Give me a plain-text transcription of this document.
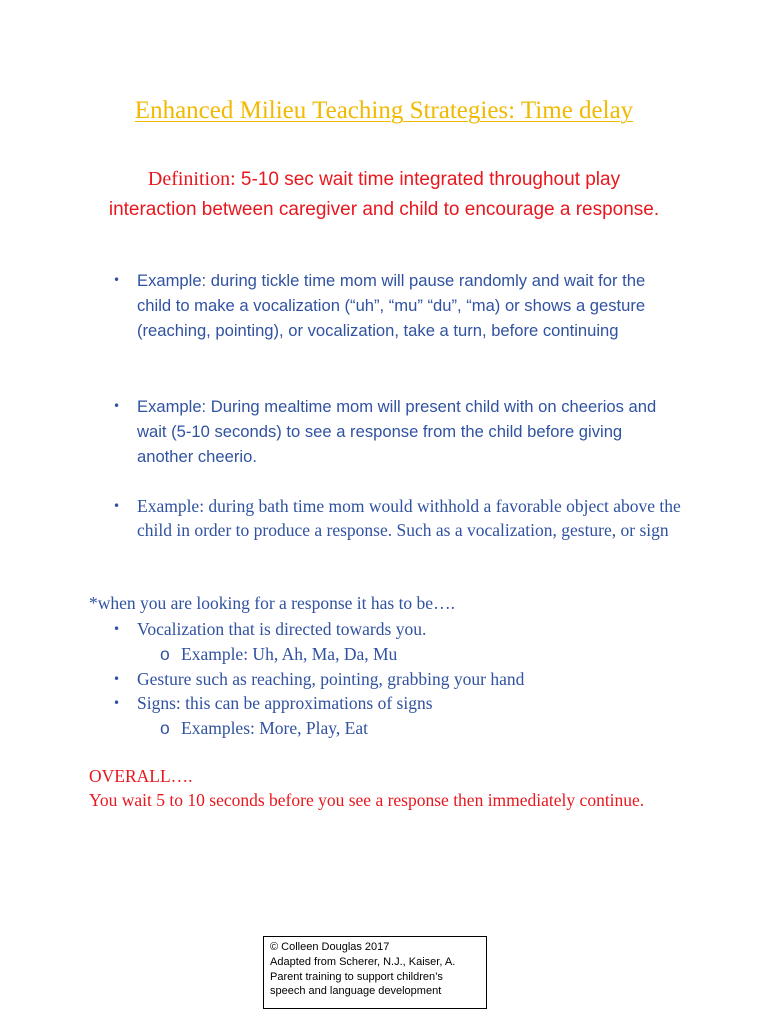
Enhanced Milieu Teaching Strategies: Time delay
Definition: 5-10 sec wait time integrated throughout play interaction between caregiver and child to encourage a response.
• Example: during tickle time mom will pause randomly and wait for the child to make a vocalization (“uh”, “mu” “du”, “ma) or shows a gesture (reaching, pointing), or vocalization, take a turn, before continuing
• Example: During mealtime mom will present child with on cheerios and wait (5-10 seconds) to see a response from the child before giving another cheerio.
• Example: during bath time mom would withhold a favorable object above the child in order to produce a response. Such as a vocalization, gesture, or sign
*when you are looking for a response it has to be….
• Vocalization that is directed towards you.
o Example: Uh, Ah, Ma, Da, Mu
• Gesture such as reaching, pointing, grabbing your hand
• Signs: this can be approximations of signs
o Examples: More, Play, Eat
OVERALL….
You wait 5 to 10 seconds before you see a response then immediately continue.
© Colleen Douglas 2017
Adapted from Scherer, N.J., Kaiser, A.
Parent training to support children’s
speech and language development
